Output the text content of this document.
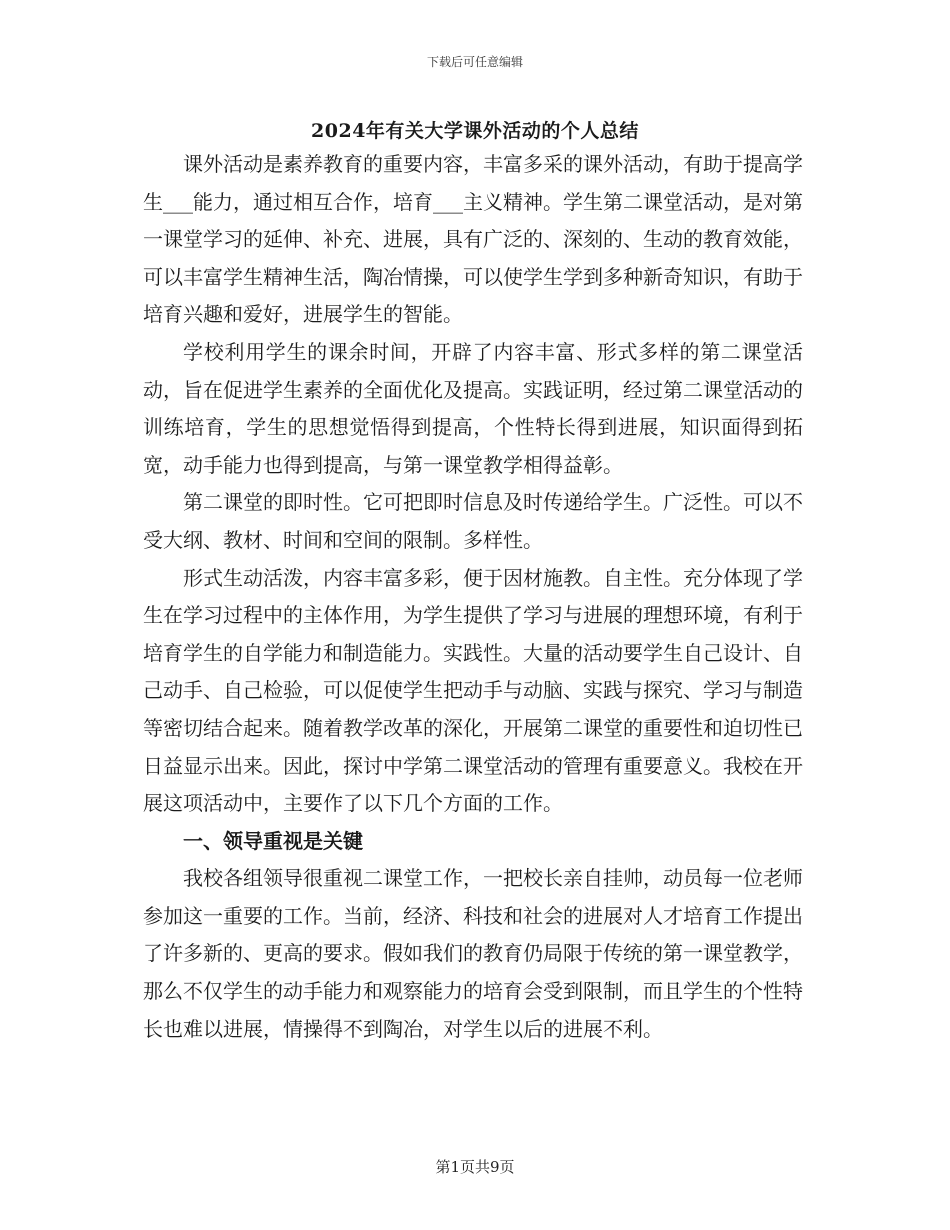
下载后可任意编辑
2024年有关大学课外活动的个人总结

课外活动是素养教育的重要内容，丰富多采的课外活动，有助于提高学生___能力，通过相互合作，培育___主义精神。学生第二课堂活动，是对第一课堂学习的延伸、补充、进展，具有广泛的、深刻的、生动的教育效能，可以丰富学生精神生活，陶冶情操，可以使学生学到多种新奇知识，有助于培育兴趣和爱好，进展学生的智能。

学校利用学生的课余时间，开辟了内容丰富、形式多样的第二课堂活动，旨在促进学生素养的全面优化及提高。实践证明，经过第二课堂活动的训练培育，学生的思想觉悟得到提高，个性特长得到进展，知识面得到拓宽，动手能力也得到提高，与第一课堂教学相得益彰。

第二课堂的即时性。它可把即时信息及时传递给学生。广泛性。可以不受大纲、教材、时间和空间的限制。多样性。

形式生动活泼，内容丰富多彩，便于因材施教。自主性。充分体现了学生在学习过程中的主体作用，为学生提供了学习与进展的理想环境，有利于培育学生的自学能力和制造能力。实践性。大量的活动要学生自己设计、自己动手、自己检验，可以促使学生把动手与动脑、实践与探究、学习与制造等密切结合起来。随着教学改革的深化，开展第二课堂的重要性和迫切性已日益显示出来。因此，探讨中学第二课堂活动的管理有重要意义。我校在开展这项活动中，主要作了以下几个方面的工作。

一、领导重视是关键

我校各组领导很重视二课堂工作，一把校长亲自挂帅，动员每一位老师参加这一重要的工作。当前，经济、科技和社会的进展对人才培育工作提出了许多新的、更高的要求。假如我们的教育仍局限于传统的第一课堂教学，那么不仅学生的动手能力和观察能力的培育会受到限制，而且学生的个性特长也难以进展，情操得不到陶冶，对学生以后的进展不利。

第1页共9页
